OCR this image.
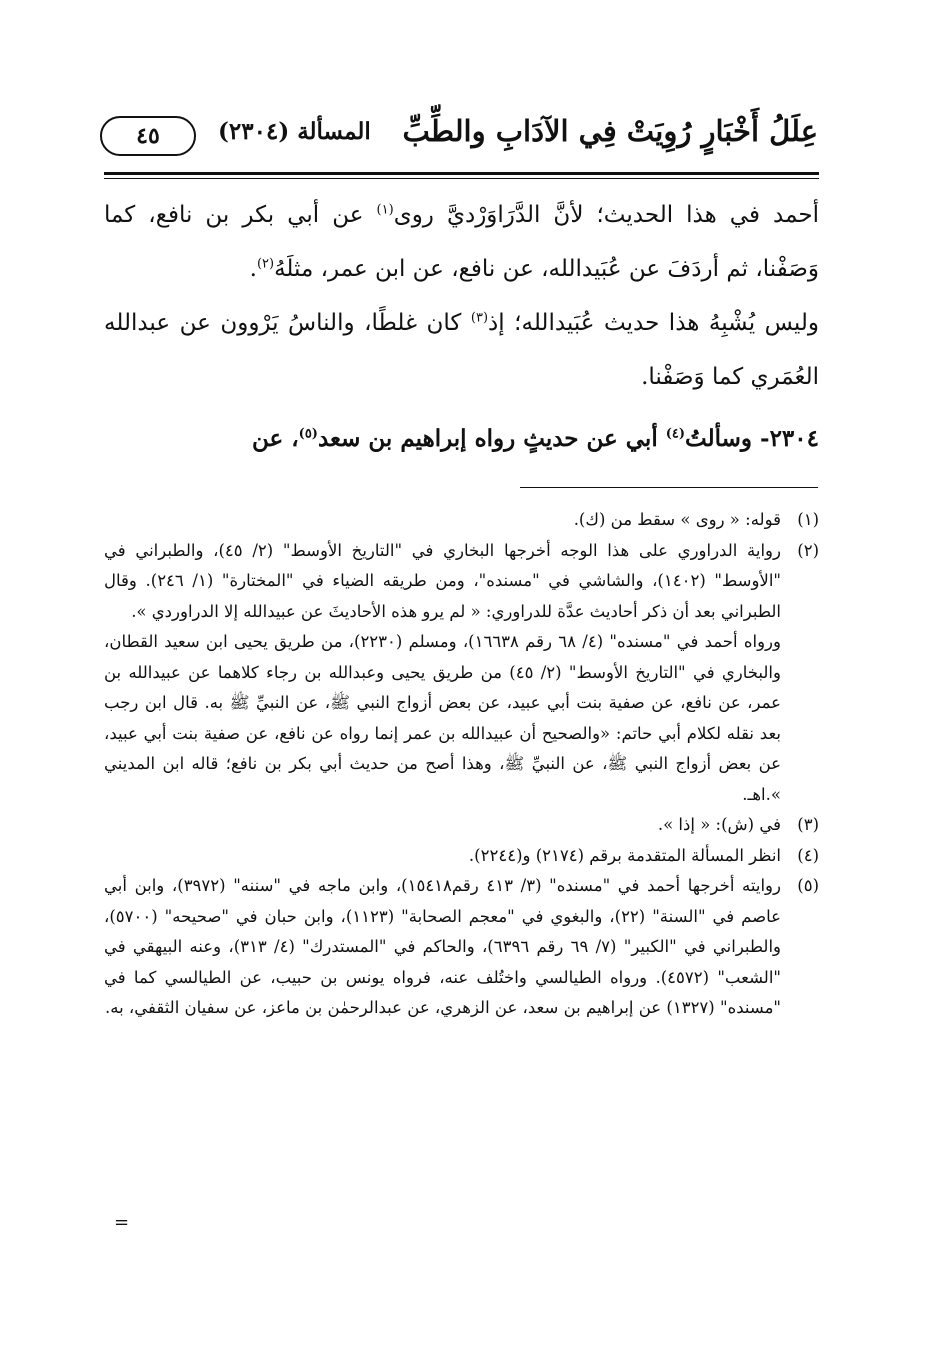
عِلَلُ أَخْبَارٍ رُوِيَتْ فِي الآدَابِ والطِّبِّ
المسألة (٢٣٠٤)
٤٥

أحمد في هذا الحديث؛ لأنَّ الدَّرَاوَرْديَّ روى$^{(١)}$ عن أبي بكر بن نافع، كما وَصَفْنا، ثم أردَفَ عن عُبَيدالله، عن نافع، عن ابن عمر، مثلَهُ$^{(٢)}$.

وليس يُشْبِهُ هذا حديث عُبَيدالله؛ إذ$^{(٣)}$ كان غلطًا، والناسُ يَرْوون عن عبدالله العُمَري كما وَصَفْنا.

٢٣٠٤- وسألتُ$^{(٤)}$ أبي عن حديثٍ رواه إبراهيم بن سعد$^{(٥)}$، عن

(١)

قوله: « روى » سقط من (ك).

(٢)

رواية الدراوري على هذا الوجه أخرجها البخاري في "التاريخ الأوسط" (٢/ ٤٥)، والطبراني في "الأوسط" (١٤٠٢)، والشاشي في "مسنده"، ومن طريقه الضياء في "المختارة" (١/ ٢٤٦). وقال الطبراني بعد أن ذكر أحاديث عدَّة للدراوري: « لم يرو هذه الأحاديثَ عن عبيدالله إلا الدراوردي ».

ورواه أحمد في "مسنده" (٤/ ٦٨ رقم ١٦٦٣٨)، ومسلم (٢٢٣٠)، من طريق يحيى ابن سعيد القطان، والبخاري في "التاريخ الأوسط" (٢/ ٤٥) من طريق يحيى وعبدالله بن رجاء كلاهما عن عبيدالله بن عمر، عن نافع، عن صفية بنت أبي عبيد، عن بعض أزواج النبي ﷺ، عن النبيِّ ﷺ به. قال ابن رجب بعد نقله لكلام أبي حاتم: «والصحيح أن عبيدالله بن عمر إنما رواه عن نافع، عن صفية بنت أبي عبيد، عن بعض أزواج النبي ﷺ، عن النبيِّ ﷺ، وهذا أصح من حديث أبي بكر بن نافع؛ قاله ابن المديني ».اهـ.

(٣)

في (ش): « إذا ».

(٤)

انظر المسألة المتقدمة برقم (٢١٧٤) و(٢٢٤٤).

(٥)

روايته أخرجها أحمد في "مسنده" (٣/ ٤١٣ رقم١٥٤١٨)، وابن ماجه في "سننه" (٣٩٧٢)، وابن أبي عاصم في "السنة" (٢٢)، والبغوي في "معجم الصحابة" (١١٢٣)، وابن حبان في "صحيحه" (٥٧٠٠)، والطبراني في "الكبير" (٧/ ٦٩ رقم ٦٣٩٦)، والحاكم في "المستدرك" (٤/ ٣١٣)، وعنه البيهقي في "الشعب" (٤٥٧٢). ورواه الطيالسي واختُلف عنه، فرواه يونس بن حبيب، عن الطيالسي كما في "مسنده" (١٣٢٧) عن إبراهيم بن سعد، عن الزهري، عن عبدالرحمٰن بن ماعز، عن سفيان الثقفي، به.

=
